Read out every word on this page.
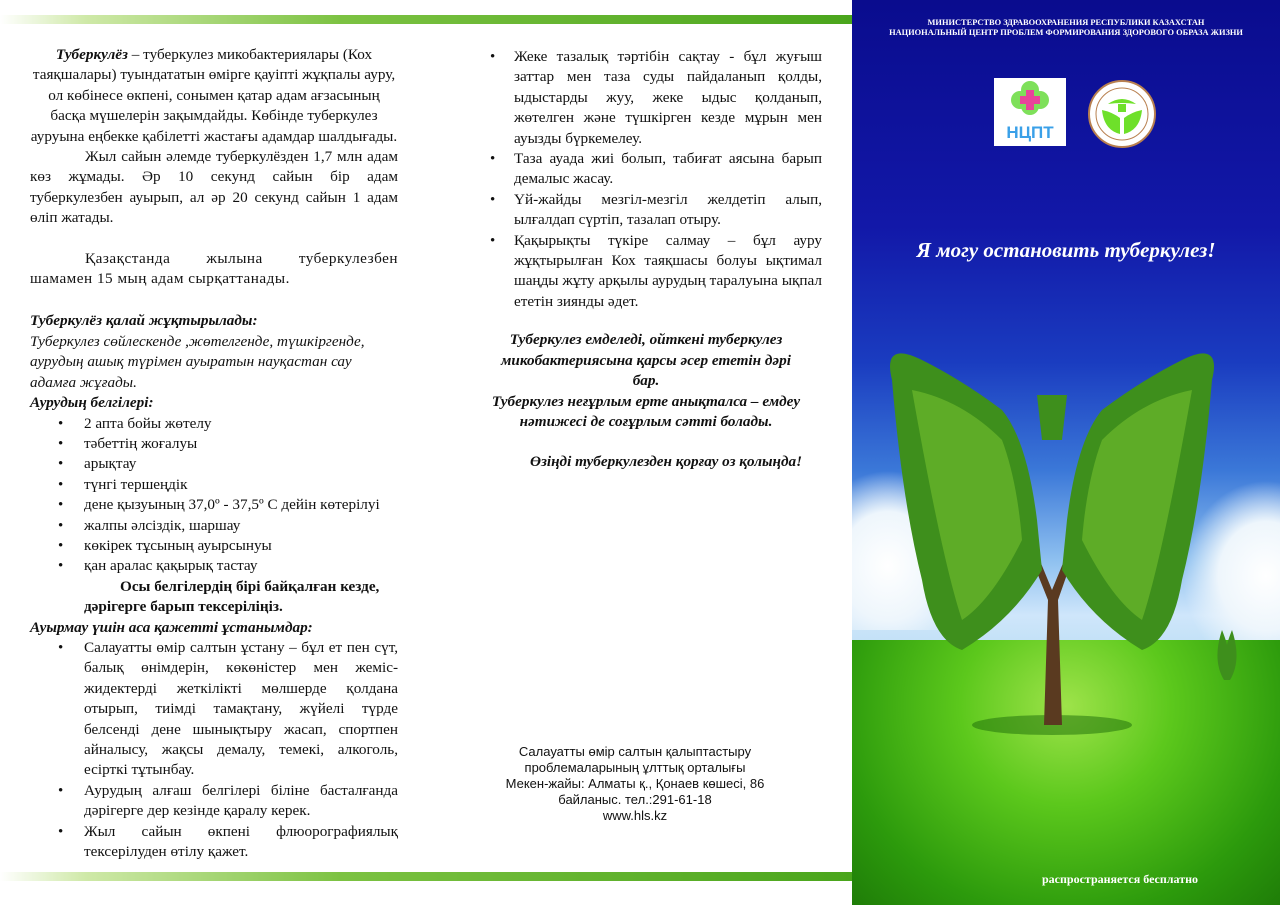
Туберкулёз – туберкулез микобактериялары (Кох таяқшалары) туындататын өмірге қауіпті жұқпалы ауру, ол көбінесе өкпені, сонымен қатар адам ағзасының басқа мүшелерін зақымдайды. Көбінде туберкулез ауруына еңбекке қабілетті жастағы адамдар шалдығады.

Жыл сайын әлемде туберкулёзден 1,7 млн адам көз жұмады. Әр 10 секунд сайын бір адам туберкулезбен ауырып, ал әр 20 секунд сайын 1 адам өліп жатады.

Қазақстанда жылына туберкулезбен шамамен 15 мың адам сырқаттанады.

Туберкулёз қалай жұқтырылады:

Туберкулез сөйлескенде ,жөтелгенде, түшкіргенде, аурудың ашық түрімен ауыратын науқастан сау адамға жұғады.

Аурудың белгілері:

• 2 апта бойы жөтелу
• тәбеттің жоғалуы
• арықтау
• түнгі тершеңдік
• дене қызуының 37,0º - 37,5º С дейін көтерілуі
• жалпы әлсіздік, шаршау
• көкірек тұсының ауырсынуы
• қан аралас қақырық тастау

Осы белгілердің бірі байқалған кезде, дәрігерге барып тексеріліңіз.

Ауырмау үшін аса қажетті ұстанымдар:

• Салауатты өмір салтын ұстану – бұл ет пен сүт, балық өнімдерін, көкөністер мен жеміс-жидектерді жеткілікті мөлшерде қолдана отырып, тиімді тамақтану, жүйелі түрде белсенді дене шынықтыру жасап, спортпен айналысу, жақсы демалу, темекі, алкоголь, есірткі тұтынбау.
• Аурудың алғаш белгілері біліне басталғанда дәрігерге дер кезінде қаралу керек.
• Жыл сайын өкпені флюорографиялық тексерілуден өтілу қажет.
• Жеке тазалық тәртібін сақтау - бұл жуғыш заттар мен таза суды пайдаланып қолды, ыдыстарды жуу, жеке ыдыс қолданып, жөтелген және түшкірген кезде мұрын мен ауызды бүркемелеу.
• Таза ауада жиі болып, табиғат аясына барып демалыс жасау.
• Үй-жайды мезгіл-мезгіл желдетіп алып, ылғалдап сүртіп, тазалап отыру.
• Қақырықты түкіре салмау – бұл ауру жұқтырылған Кох таяқшасы болуы ықтимал шаңды жұту арқылы аурудың таралуына ықпал ететін зиянды әдет.

Туберкулез емделеді, ойткені туберкулез микобактериясына қарсы әсер ететін дәрі бар.

Туберкулез неғұрлым ерте анықталса – емдеу нәтижесі де соғұрлым сәтті болады.

Өзіңді туберкулезден қорғау оз қолыңда!

Салауатты өмір салтын қалыптастыру
проблемаларының ұлттық орталығы
Мекен-жайы: Алматы қ., Қонаев көшесі, 86
байланыс. тел.:291-61-18
www.hls.kz
МИНИСТЕРСТВО ЗДРАВООХРАНЕНИЯ РЕСПУБЛИКИ КАЗАХСТАН
НАЦИОНАЛЬНЫЙ ЦЕНТР ПРОБЛЕМ ФОРМИРОВАНИЯ ЗДОРОВОГО ОБРАЗА ЖИЗНИ
НЦПТ
Я могу остановить туберкулез!
распространяется бесплатно
